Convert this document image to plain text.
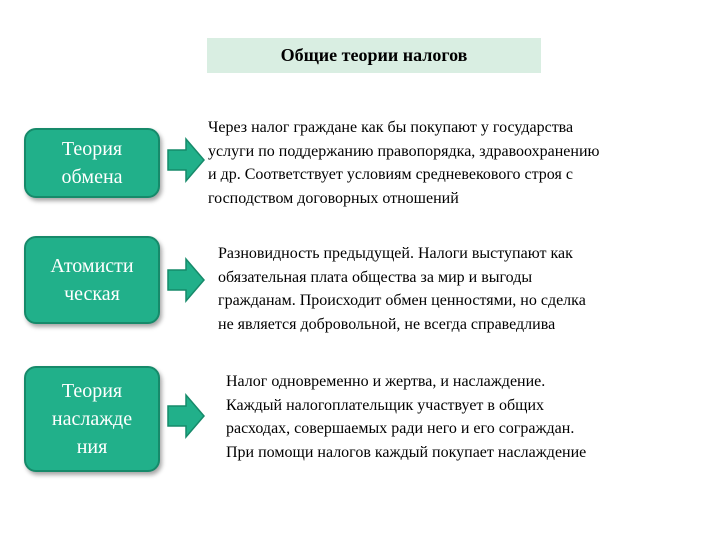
Общие теории налогов
Теория
обмена
Через налог граждане как бы покупают у государства
услуги по поддержанию правопорядка, здравоохранению
и др. Соответствует условиям средневекового строя с
господством договорных отношений
Атомисти
ческая
Разновидность предыдущей. Налоги выступают как
обязательная плата общества за мир и выгоды
гражданам. Происходит обмен ценностями, но сделка
не является добровольной, не всегда справедлива
Теория
наслажде
ния
Налог одновременно и жертва, и наслаждение.
Каждый налогоплательщик участвует в общих
расходах, совершаемых ради него и его сограждан.
При помощи налогов каждый покупает наслаждение
